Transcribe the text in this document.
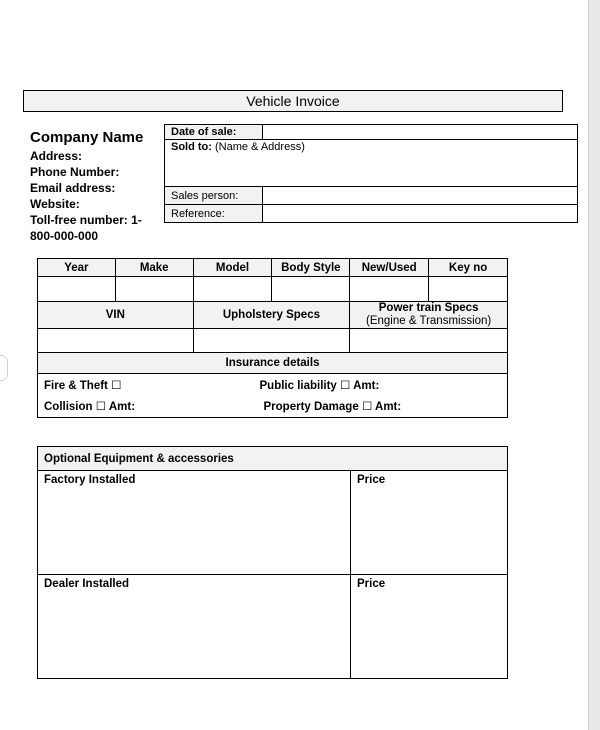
Vehicle Invoice
Company Name
Address:
Phone Number:
Email address:
Website:
Toll-free number: 1-
800-000-000
Date of sale:	
Sold to: (Name & Address)	
Sales person:	
Reference:	
Year	Make	Model	Body Style	New/Used	Key no

VIN		Upholstery Specs		Power train Specs
(Engine & Transmission)	

Insurance details	
Fire & Theft ☐	Public liability ☐ Amt:
Collision ☐ Amt:	Property Damage ☐ Amt:
Optional Equipment & accessories	
Factory Installed	Price
Dealer Installed	Price
